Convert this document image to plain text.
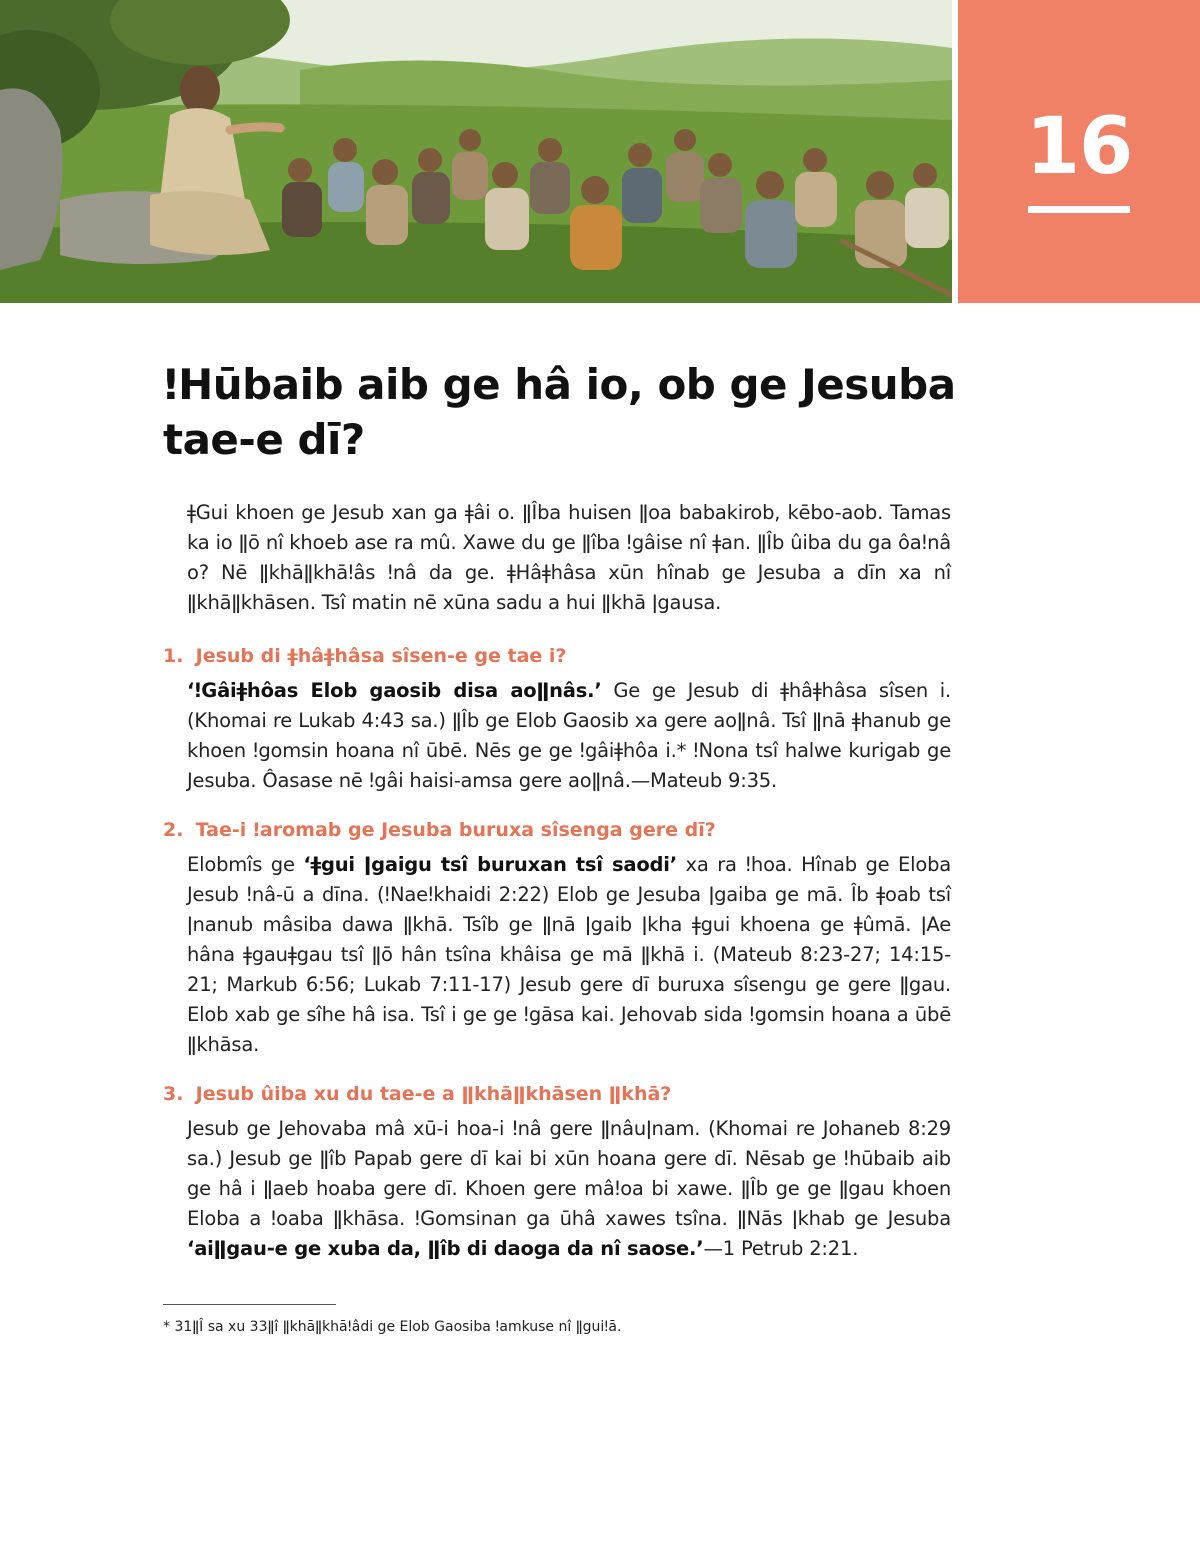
16
ǃHūbaib aib ge hâ io, ob ge Jesuba tae-e dī?

ǂGui khoen ge Jesub xan ga ǂâi o. ǁÎba huisen ǁoa babakirob, kēbo-aob. Tamas ka io ǁō nî khoeb ase ra mû. Xawe du ge ǁîba ǃgâise nî ǂan. ǁÎb ûiba du ga ôaǃnâ o? Nē ǁkhāǁkhāǃâs ǃnâ da ge. ǂHâǂhâsa xūn hînab ge Jesuba a dīn xa nî ǁkhāǁkhāsen. Tsî matin nē xūna sadu a hui ǁkhā ǀgausa.

1. Jesub di ǂhâǂhâsa sîsen-e ge tae i?

‘ǃGâiǂhôas Elob gaosib disa aoǁnâs.’ Ge ge Jesub di ǂhâǂhâsa sîsen i. (Khomai re Lukab 4:43 sa.) ǁÎb ge Elob Gaosib xa gere aoǁnâ. Tsî ǁnā ǂhanub ge khoen ǃgomsin hoana nî ūbē. Nēs ge ge ǃgâiǂhôa i.* ǃNona tsî halwe kurigab ge Jesuba. Ôasase nē ǃgâi haisi-amsa gere aoǁnâ.—Mateub 9:35.

2. Tae-i ǃaromab ge Jesuba buruxa sîsenga gere dī?

Elobmîs ge ‘ǂgui ǀgaigu tsî buruxan tsî saodi’ xa ra ǃhoa. Hînab ge Eloba Jesub ǃnâ-ū a dīna. (ǃNaeǃkhaidi 2:22) Elob ge Jesuba ǀgaiba ge mā. Îb ǂoab tsî ǀnanub mâsiba dawa ǁkhā. Tsîb ge ǁnā ǀgaib ǀkha ǂgui khoena ge ǂûmā. ǀAe hâna ǂgauǂgau tsî ǁō hân tsîna khâisa ge mā ǁkhā i. (Mateub 8:23-27; 14:15-21; Markub 6:56; Lukab 7:11-17) Jesub gere dī buruxa sîsengu ge gere ǁgau. Elob xab ge sîhe hâ isa. Tsî i ge ge ǃgāsa kai. Jehovab sida ǃgomsin hoana a ūbē ǁkhāsa.

3. Jesub ûiba xu du tae-e a ǁkhāǁkhāsen ǁkhā?

Jesub ge Jehovaba mâ xū-i hoa-i ǃnâ gere ǁnâuǀnam. (Khomai re Johaneb 8:29 sa.) Jesub ge ǁîb Papab gere dī kai bi xūn hoana gere dī. Nēsab ge ǃhūbaib aib ge hâ i ǁaeb hoaba gere dī. Khoen gere mâǃoa bi xawe. ǁÎb ge ge ǁgau khoen Eloba a ǃoaba ǁkhāsa. ǃGomsinan ga ūhâ xawes tsîna. ǁNās ǀkhab ge Jesuba ‘aiǁgau-e ge xuba da, ǁîb di daoga da nî saose.’—1 Petrub 2:21.

* 31ǁÎ sa xu 33ǁî ǁkhāǁkhāǃâdi ge Elob Gaosiba ǃamkuse nî ǁguiǃā.
